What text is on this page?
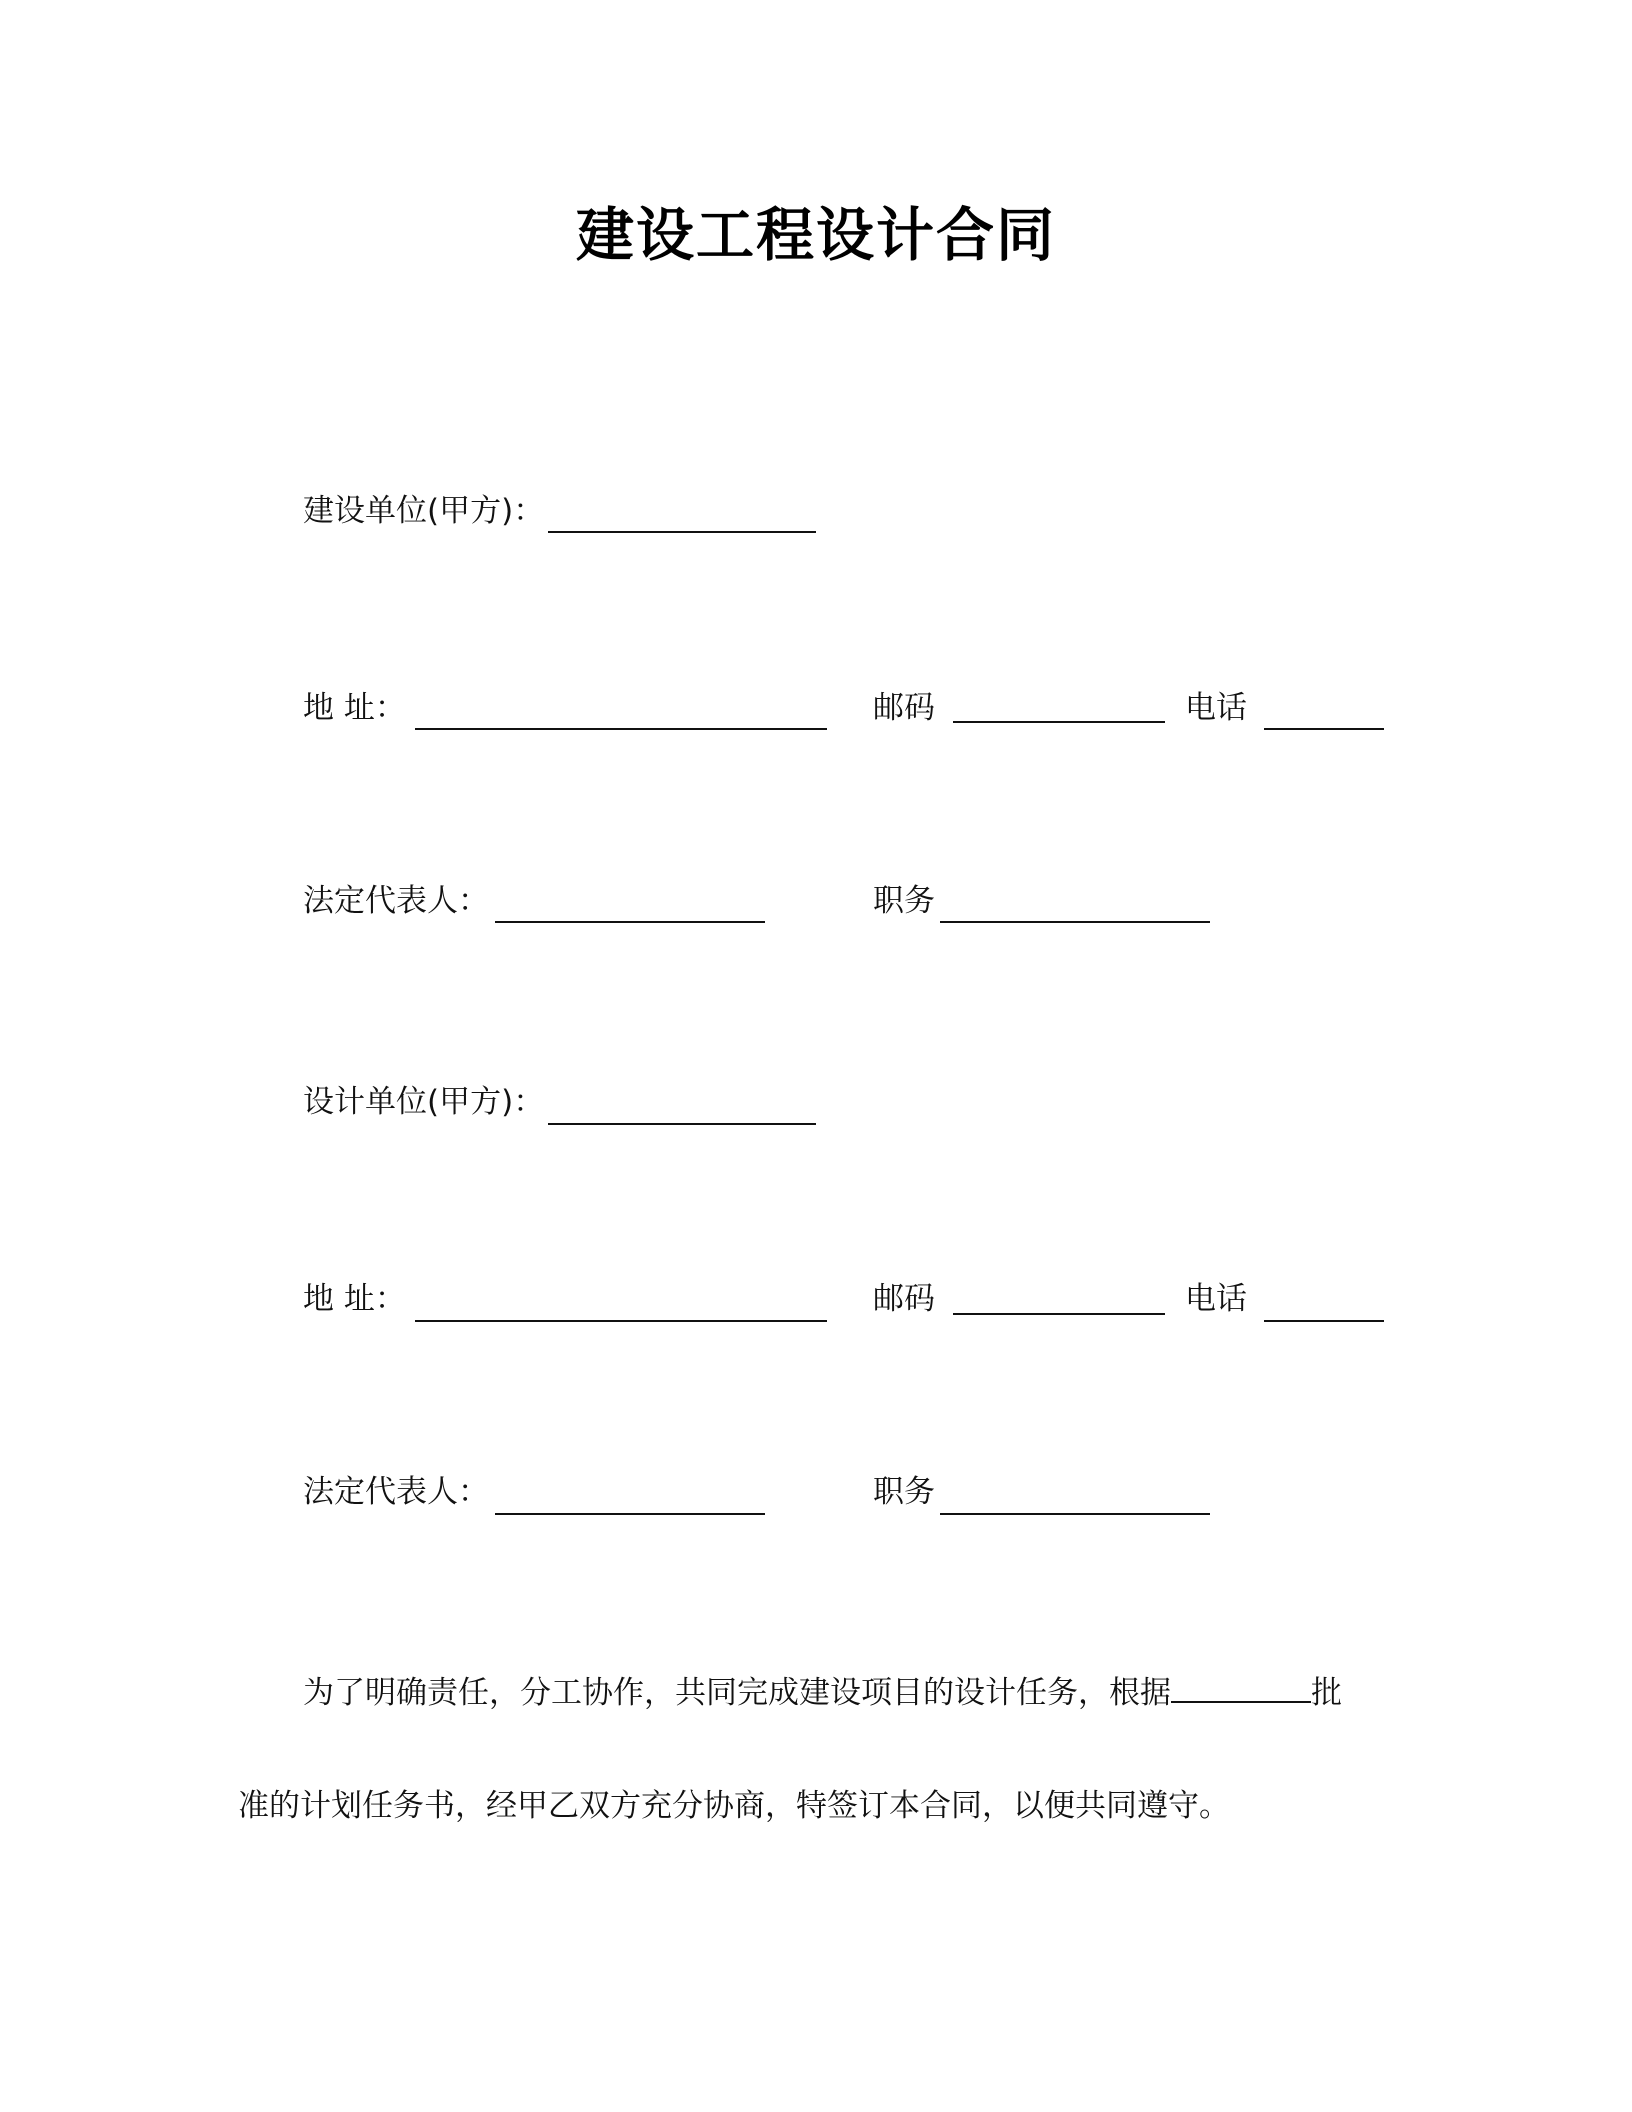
建设工程设计合同
建设单位(甲方)：
地 址：	邮码	电话
法定代表人：	职务
设计单位(甲方)：
地 址：	邮码	电话
法定代表人：	职务
为了明确责任，分工协作，共同完成建设项目的设计任务，根据	批
准的计划任务书，经甲乙双方充分协商，特签订本合同，以便共同遵守。
